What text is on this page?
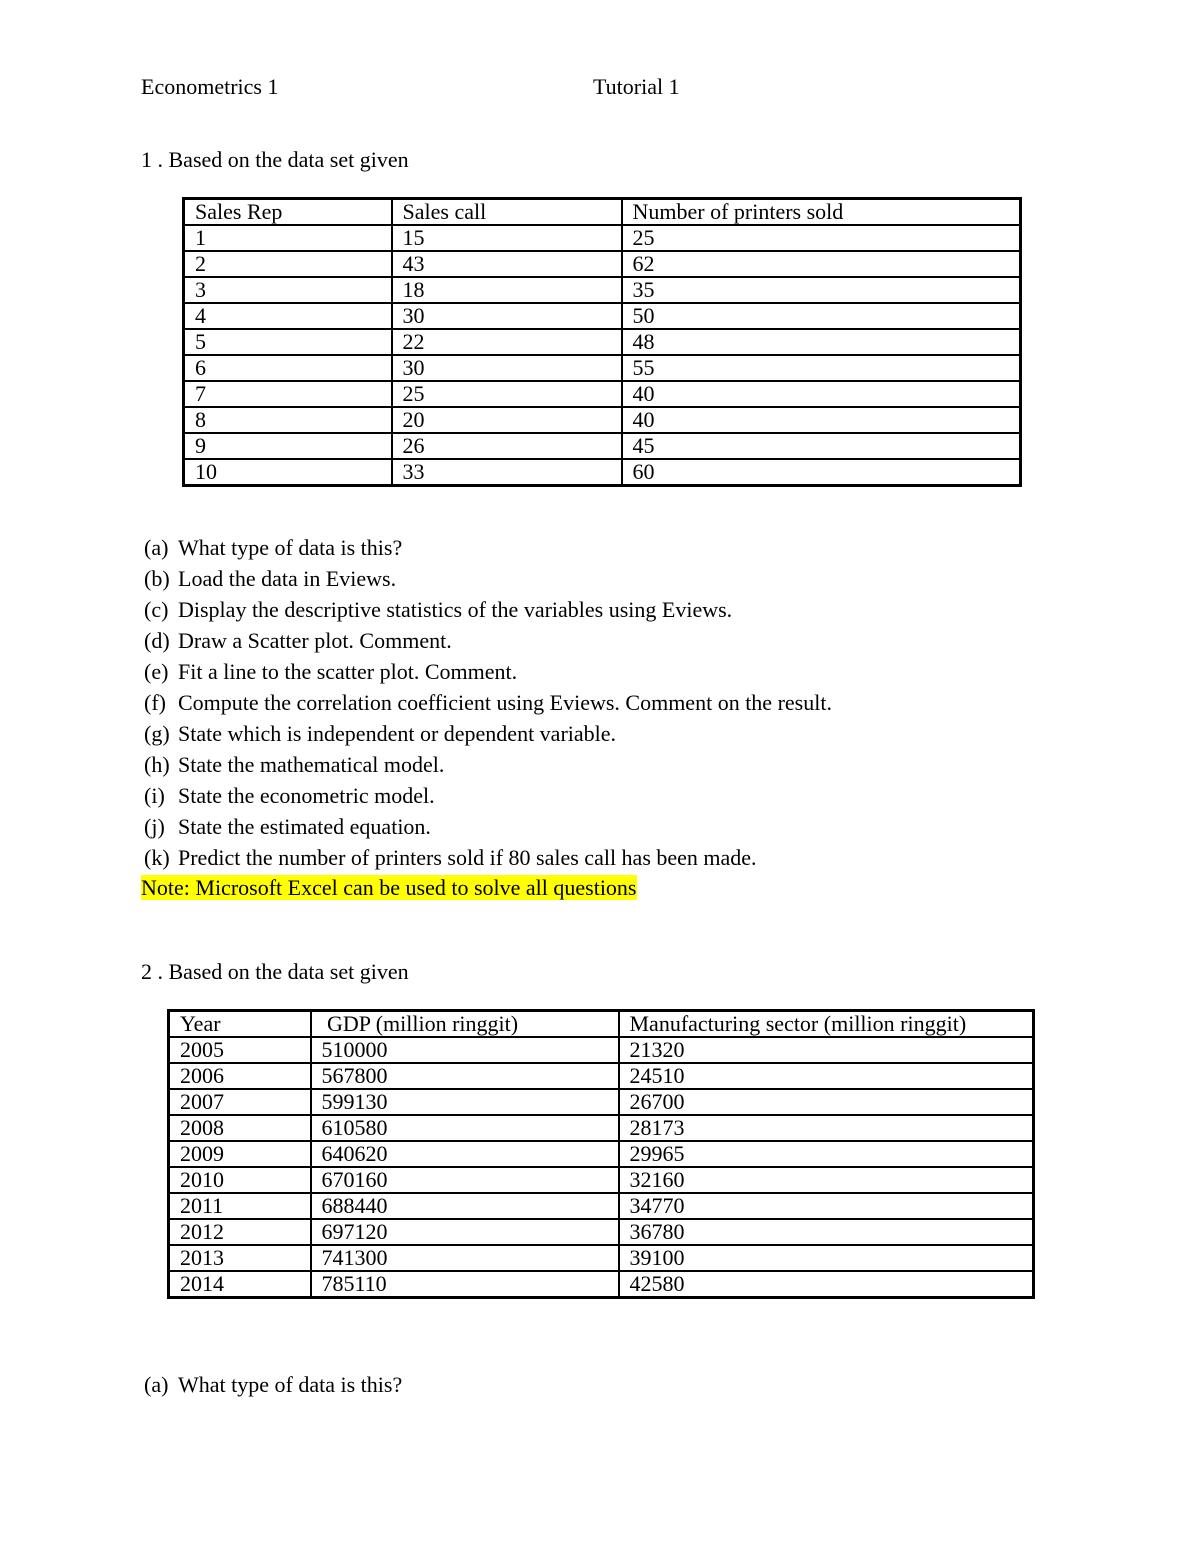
Econometrics 1	Tutorial 1
1 . Based on the data set given
Sales Rep	Sales call	Number of printers sold
1	15	25
2	43	62
3	18	35
4	30	50
5	22	48
6	30	55
7	25	40
8	20	40
9	26	45
10	33	60
(a) What type of data is this?
(b) Load the data in Eviews.
(c) Display the descriptive statistics of the variables using Eviews.
(d) Draw a Scatter plot. Comment.
(e) Fit a line to the scatter plot. Comment.
(f) Compute the correlation coefficient using Eviews. Comment on the result.
(g) State which is independent or dependent variable.
(h) State the mathematical model.
(i) State the econometric model.
(j) State the estimated equation.
(k) Predict the number of printers sold if 80 sales call has been made.
Note: Microsoft Excel can be used to solve all questions
2 . Based on the data set given
Year	GDP (million ringgit)	Manufacturing sector (million ringgit)
2005	510000	21320
2006	567800	24510
2007	599130	26700
2008	610580	28173
2009	640620	29965
2010	670160	32160
2011	688440	34770
2012	697120	36780
2013	741300	39100
2014	785110	42580
(a) What type of data is this?
